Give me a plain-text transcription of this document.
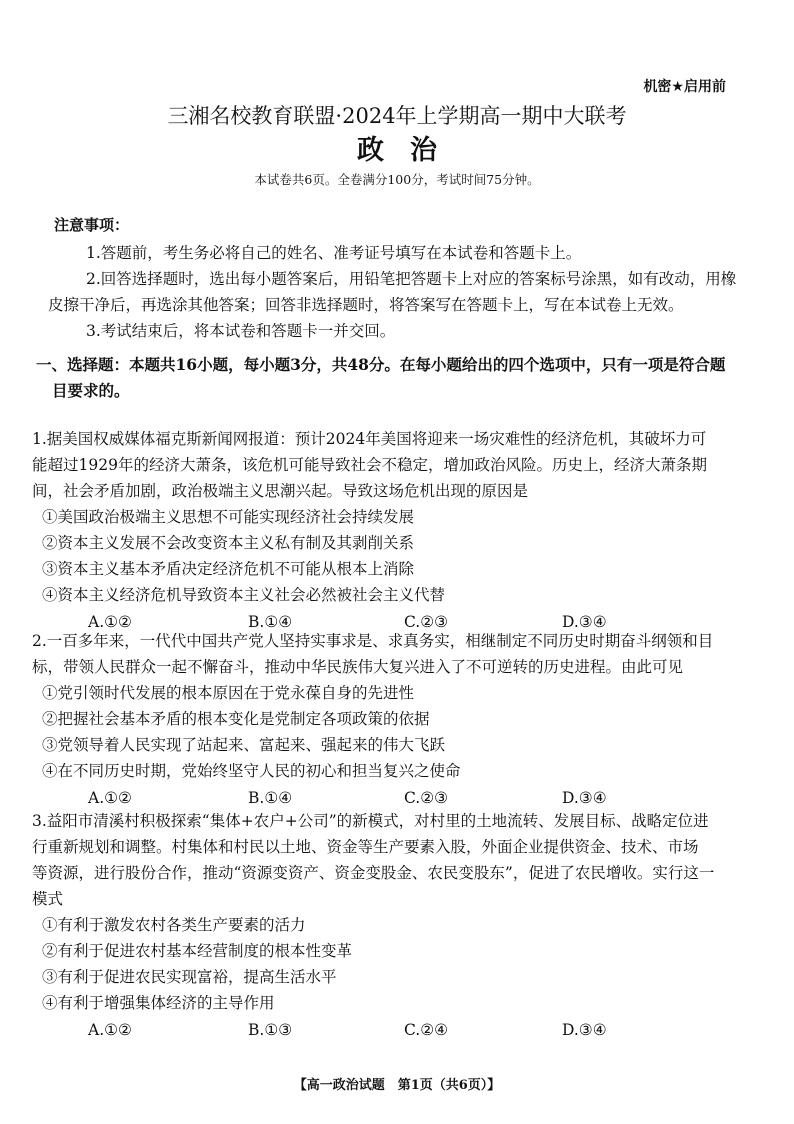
机密★启用前
三湘名校教育联盟·2024年上学期高一期中大联考
政治
本试卷共6页。全卷满分100分，考试时间75分钟。
注意事项：
1.答题前，考生务必将自己的姓名、准考证号填写在本试卷和答题卡上。
2.回答选择题时，选出每小题答案后，用铅笔把答题卡上对应的答案标号涂黑，如有改动，用橡
皮擦干净后，再选涂其他答案；回答非选择题时，将答案写在答题卡上，写在本试卷上无效。
3.考试结束后，将本试卷和答题卡一并交回。
一、选择题：本题共16小题，每小题3分，共48分。在每小题给出的四个选项中，只有一项是符合题
目要求的。
1.据美国权威媒体福克斯新闻网报道：预计2024年美国将迎来一场灾难性的经济危机，其破坏力可
能超过1929年的经济大萧条，该危机可能导致社会不稳定，增加政治风险。历史上，经济大萧条期
间，社会矛盾加剧，政治极端主义思潮兴起。导致这场危机出现的原因是
①美国政治极端主义思想不可能实现经济社会持续发展
②资本主义发展不会改变资本主义私有制及其剥削关系
③资本主义基本矛盾决定经济危机不可能从根本上消除
④资本主义经济危机导致资本主义社会必然被社会主义代替
A.①②	B.①④	C.②③	D.③④
2.一百多年来，一代代中国共产党人坚持实事求是、求真务实，相继制定不同历史时期奋斗纲领和目
标，带领人民群众一起不懈奋斗，推动中华民族伟大复兴进入了不可逆转的历史进程。由此可见
①党引领时代发展的根本原因在于党永葆自身的先进性
②把握社会基本矛盾的根本变化是党制定各项政策的依据
③党领导着人民实现了站起来、富起来、强起来的伟大飞跃
④在不同历史时期，党始终坚守人民的初心和担当复兴之使命
A.①②	B.①④	C.②③	D.③④
3.益阳市清溪村积极探索“集体+农户+公司”的新模式，对村里的土地流转、发展目标、战略定位进
行重新规划和调整。村集体和村民以土地、资金等生产要素入股，外面企业提供资金、技术、市场
等资源，进行股份合作，推动“资源变资产、资金变股金、农民变股东”，促进了农民增收。实行这一
模式
①有利于激发农村各类生产要素的活力
②有利于促进农村基本经营制度的根本性变革
③有利于促进农民实现富裕，提高生活水平
④有利于增强集体经济的主导作用
A.①②	B.①③	C.②④	D.③④
【高一政治试题　第1页（共6页）】
